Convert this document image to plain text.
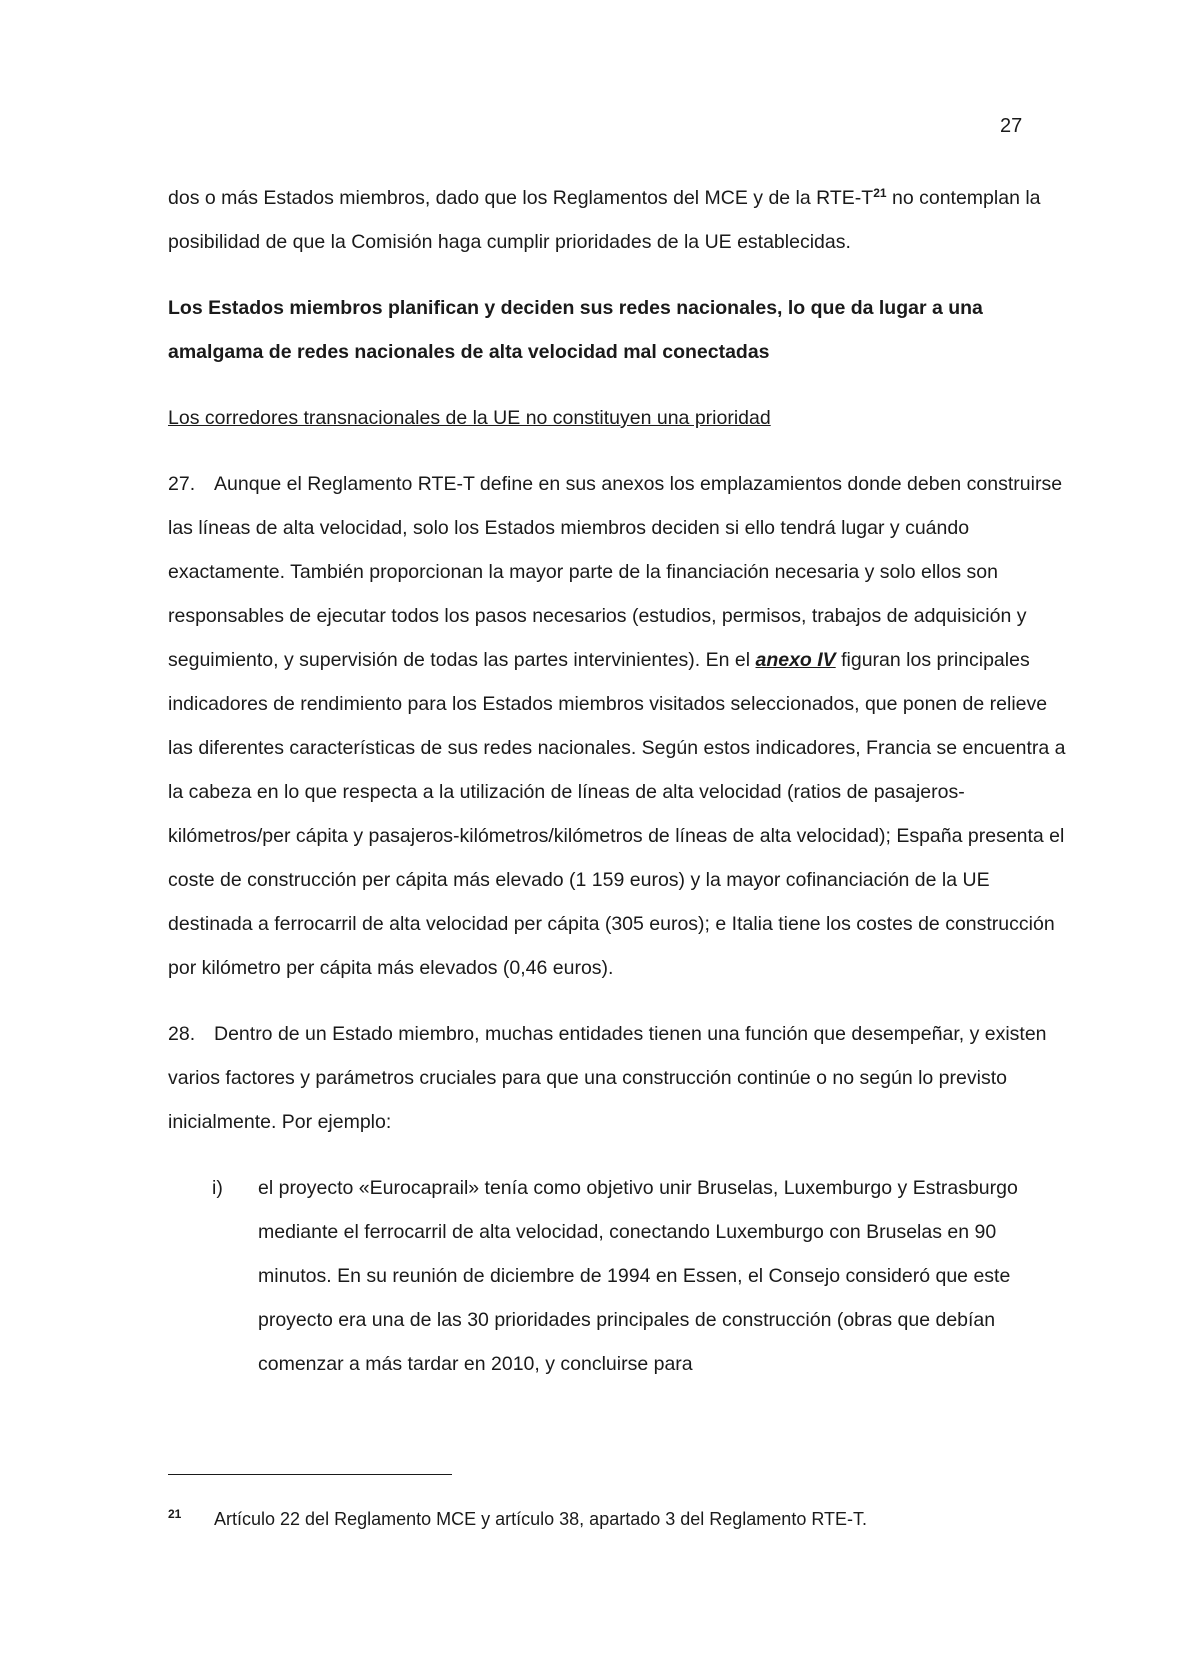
27

dos o más Estados miembros, dado que los Reglamentos del MCE y de la RTE-T$^{21}$ no contemplan la posibilidad de que la Comisión haga cumplir prioridades de la UE establecidas.

Los Estados miembros planifican y deciden sus redes nacionales, lo que da lugar a una amalgama de redes nacionales de alta velocidad mal conectadas

Los corredores transnacionales de la UE no constituyen una prioridad

27. Aunque el Reglamento RTE-T define en sus anexos los emplazamientos donde deben construirse las líneas de alta velocidad, solo los Estados miembros deciden si ello tendrá lugar y cuándo exactamente. También proporcionan la mayor parte de la financiación necesaria y solo ellos son responsables de ejecutar todos los pasos necesarios (estudios, permisos, trabajos de adquisición y seguimiento, y supervisión de todas las partes intervinientes). En el anexo IV figuran los principales indicadores de rendimiento para los Estados miembros visitados seleccionados, que ponen de relieve las diferentes características de sus redes nacionales. Según estos indicadores, Francia se encuentra a la cabeza en lo que respecta a la utilización de líneas de alta velocidad (ratios de pasajeros-kilómetros/per cápita y pasajeros-kilómetros/kilómetros de líneas de alta velocidad); España presenta el coste de construcción per cápita más elevado (1 159 euros) y la mayor cofinanciación de la UE destinada a ferrocarril de alta velocidad per cápita (305 euros); e Italia tiene los costes de construcción por kilómetro per cápita más elevados (0,46 euros).

28. Dentro de un Estado miembro, muchas entidades tienen una función que desempeñar, y existen varios factores y parámetros cruciales para que una construcción continúe o no según lo previsto inicialmente. Por ejemplo:

i)	el proyecto «Eurocaprail» tenía como objetivo unir Bruselas, Luxemburgo y Estrasburgo mediante el ferrocarril de alta velocidad, conectando Luxemburgo con Bruselas en 90 minutos. En su reunión de diciembre de 1994 en Essen, el Consejo consideró que este proyecto era una de las 30 prioridades principales de construcción (obras que debían comenzar a más tardar en 2010, y concluirse para
21	Artículo 22 del Reglamento MCE y artículo 38, apartado 3 del Reglamento RTE-T.
